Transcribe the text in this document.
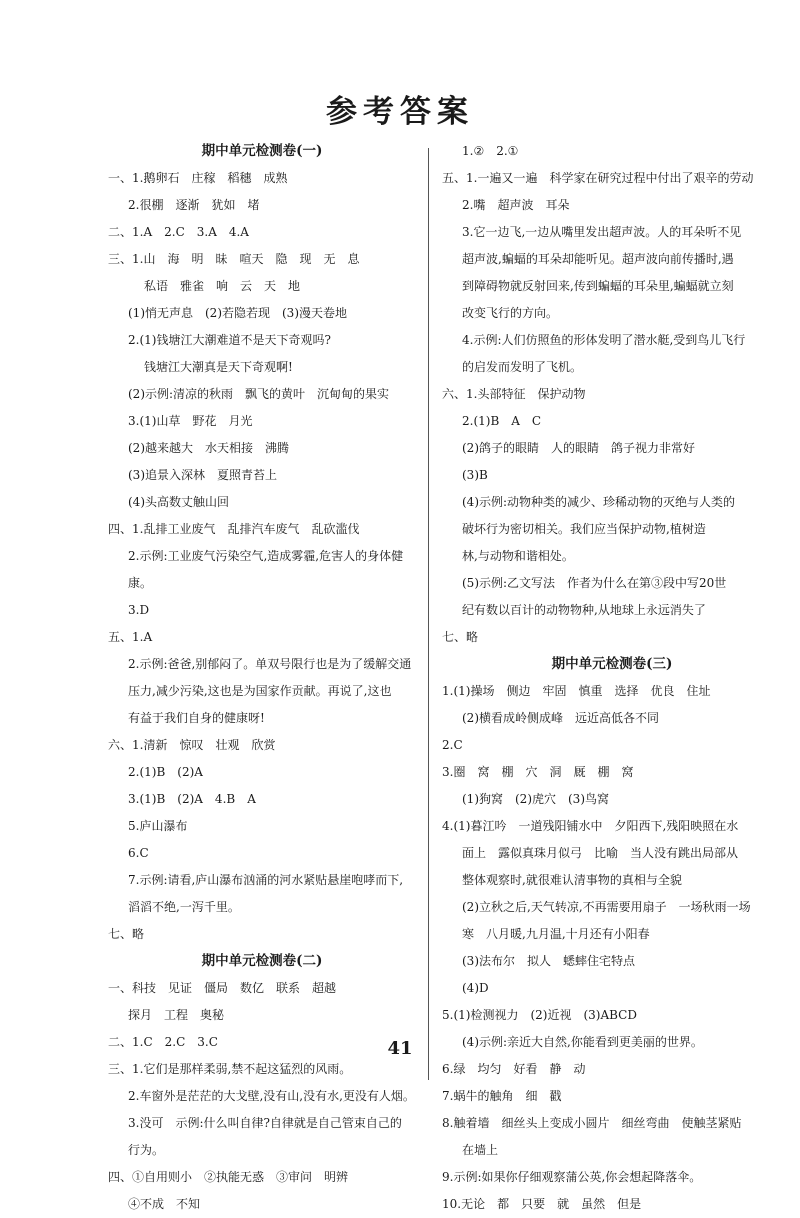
参考答案
期中单元检测卷(一)
一、1.鹅卵石　庄稼　稻穗　成熟
2.很棚　逐渐　犹如　堵
二、1.A　2.C　3.A　4.A
三、1.山　海　明　昧　喧天　隐　现　无　息
私语　雅雀　响　云　天　地
(1)悄无声息　(2)若隐若现　(3)漫天卷地
2.(1)钱塘江大潮难道不是天下奇观吗?
钱塘江大潮真是天下奇观啊!
(2)示例:清凉的秋雨　飘飞的黄叶　沉甸甸的果实
3.(1)山草　野花　月光
(2)越来越大　水天相接　沸腾
(3)追景入深林　夏照青苔上
(4)头高数丈触山回
四、1.乱排工业废气　乱排汽车废气　乱砍滥伐
2.示例:工业废气污染空气,造成雾霾,危害人的身体健
康。
3.D
五、1.A
2.示例:爸爸,别郁闷了。单双号限行也是为了缓解交通
压力,减少污染,这也是为国家作贡献。再说了,这也
有益于我们自身的健康呀!
六、1.清新　惊叹　壮观　欣赏
2.(1)B　(2)A
3.(1)B　(2)A　4.B　A
5.庐山瀑布
6.C
7.示例:请看,庐山瀑布汹涌的河水紧贴悬崖咆哮而下,
滔滔不绝,一泻千里。
七、略
期中单元检测卷(二)
一、科技　见证　僵局　数亿　联系　超越
探月　工程　奥秘
二、1.C　2.C　3.C
三、1.它们是那样柔弱,禁不起这猛烈的风雨。
2.车窗外是茫茫的大戈壁,没有山,没有水,更没有人烟。
3.没可　示例:什么叫自律?自律就是自己管束自己的
行为。
四、①自用则小　②执能无惑　③审问　明辨
④不成　不知
1.②　2.①
五、1.一遍又一遍　科学家在研究过程中付出了艰辛的劳动
2.嘴　超声波　耳朵
3.它一边飞,一边从嘴里发出超声波。人的耳朵听不见
超声波,蝙蝠的耳朵却能听见。超声波向前传播时,遇
到障碍物就反射回来,传到蝙蝠的耳朵里,蝙蝠就立刻
改变飞行的方向。
4.示例:人们仿照鱼的形体发明了潜水艇,受到鸟儿飞行
的启发而发明了飞机。
六、1.头部特征　保护动物
2.(1)B　A　C
(2)鸽子的眼睛　人的眼睛　鸽子视力非常好
(3)B
(4)示例:动物种类的减少、珍稀动物的灭绝与人类的
破坏行为密切相关。我们应当保护动物,植树造
林,与动物和谐相处。
(5)示例:乙文写法　作者为什么在第③段中写20世
纪有数以百计的动物物种,从地球上永远消失了
七、略
期中单元检测卷(三)
1.(1)操场　侧边　牢固　慎重　选择　优良　住址
(2)横看成岭侧成峰　远近高低各不同
2.C
3.圈　窝　棚　穴　洞　厩　棚　窝
(1)狗窝　(2)虎穴　(3)鸟窝
4.(1)暮江吟　一道残阳铺水中　夕阳西下,残阳映照在水
面上　露似真珠月似弓　比喻　当人没有跳出局部从
整体观察时,就很难认清事物的真相与全貌
(2)立秋之后,天气转凉,不再需要用扇子　一场秋雨一场
寒　八月暖,九月温,十月还有小阳春
(3)法布尔　拟人　蟋蟀住宅特点
(4)D
5.(1)检测视力　(2)近视　(3)ABCD
(4)示例:亲近大自然,你能看到更美丽的世界。
6.绿　均匀　好看　静　动
7.蜗牛的触角　细　戳
8.触着墙　细丝头上变成小圆片　细丝弯曲　使触茎紧贴
在墙上
9.示例:如果你仔细观察蒲公英,你会想起降落伞。
10.无论　都　只要　就　虽然　但是
41
